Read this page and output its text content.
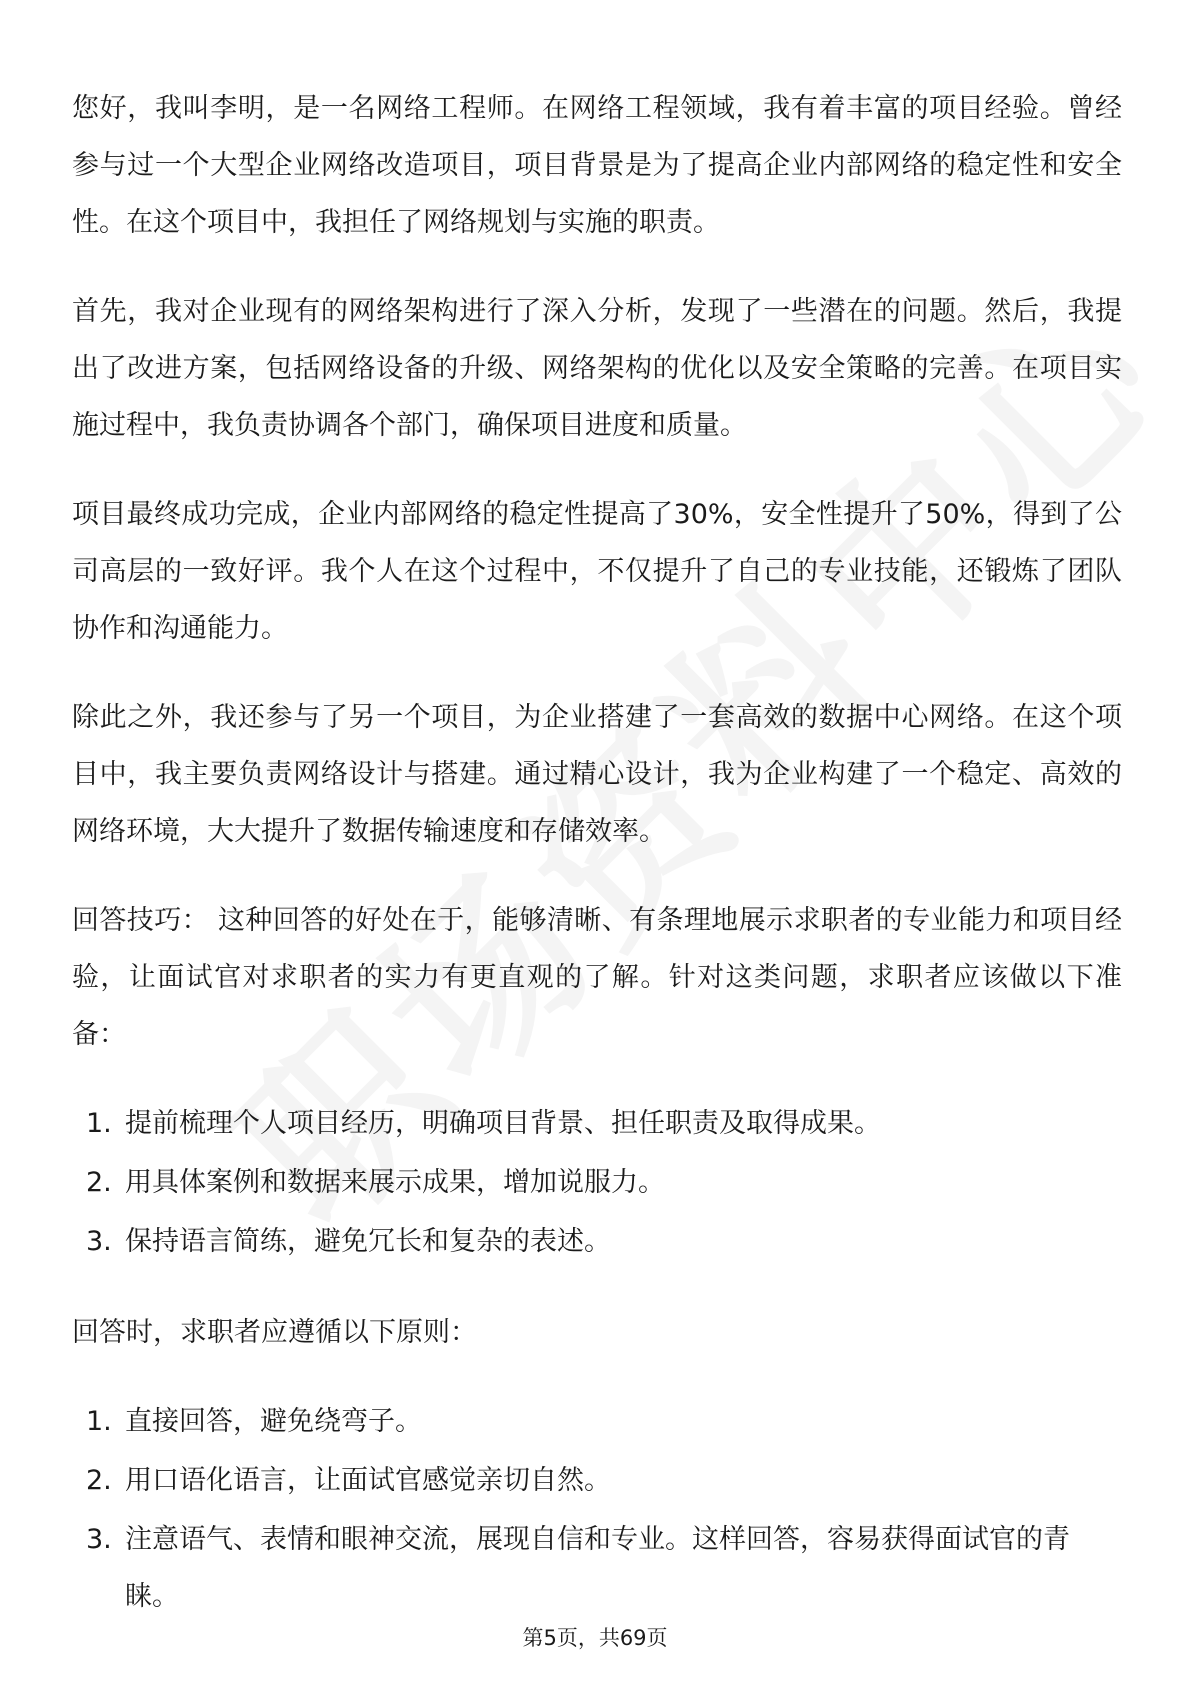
您好，我叫李明，是一名网络工程师。在网络工程领域，我有着丰富的项目经验。曾经参与过一个大型企业网络改造项目，项目背景是为了提高企业内部网络的稳定性和安全性。在这个项目中，我担任了网络规划与实施的职责。

首先，我对企业现有的网络架构进行了深入分析，发现了一些潜在的问题。然后，我提出了改进方案，包括网络设备的升级、网络架构的优化以及安全策略的完善。在项目实施过程中，我负责协调各个部门，确保项目进度和质量。

项目最终成功完成，企业内部网络的稳定性提高了30%，安全性提升了50%，得到了公司高层的一致好评。我个人在这个过程中，不仅提升了自己的专业技能，还锻炼了团队协作和沟通能力。

除此之外，我还参与了另一个项目，为企业搭建了一套高效的数据中心网络。在这个项目中，我主要负责网络设计与搭建。通过精心设计，我为企业构建了一个稳定、高效的网络环境，大大提升了数据传输速度和存储效率。

回答技巧： 这种回答的好处在于，能够清晰、有条理地展示求职者的专业能力和项目经验，让面试官对求职者的实力有更直观的了解。针对这类问题，求职者应该做以下准备：

1. 提前梳理个人项目经历，明确项目背景、担任职责及取得成果。
2. 用具体案例和数据来展示成果，增加说服力。
3. 保持语言简练，避免冗长和复杂的表述。

回答时，求职者应遵循以下原则：

1. 直接回答，避免绕弯子。
2. 用口语化语言，让面试官感觉亲切自然。
3. 注意语气、表情和眼神交流，展现自信和专业。这样回答，容易获得面试官的青睐。
第5页，共69页
